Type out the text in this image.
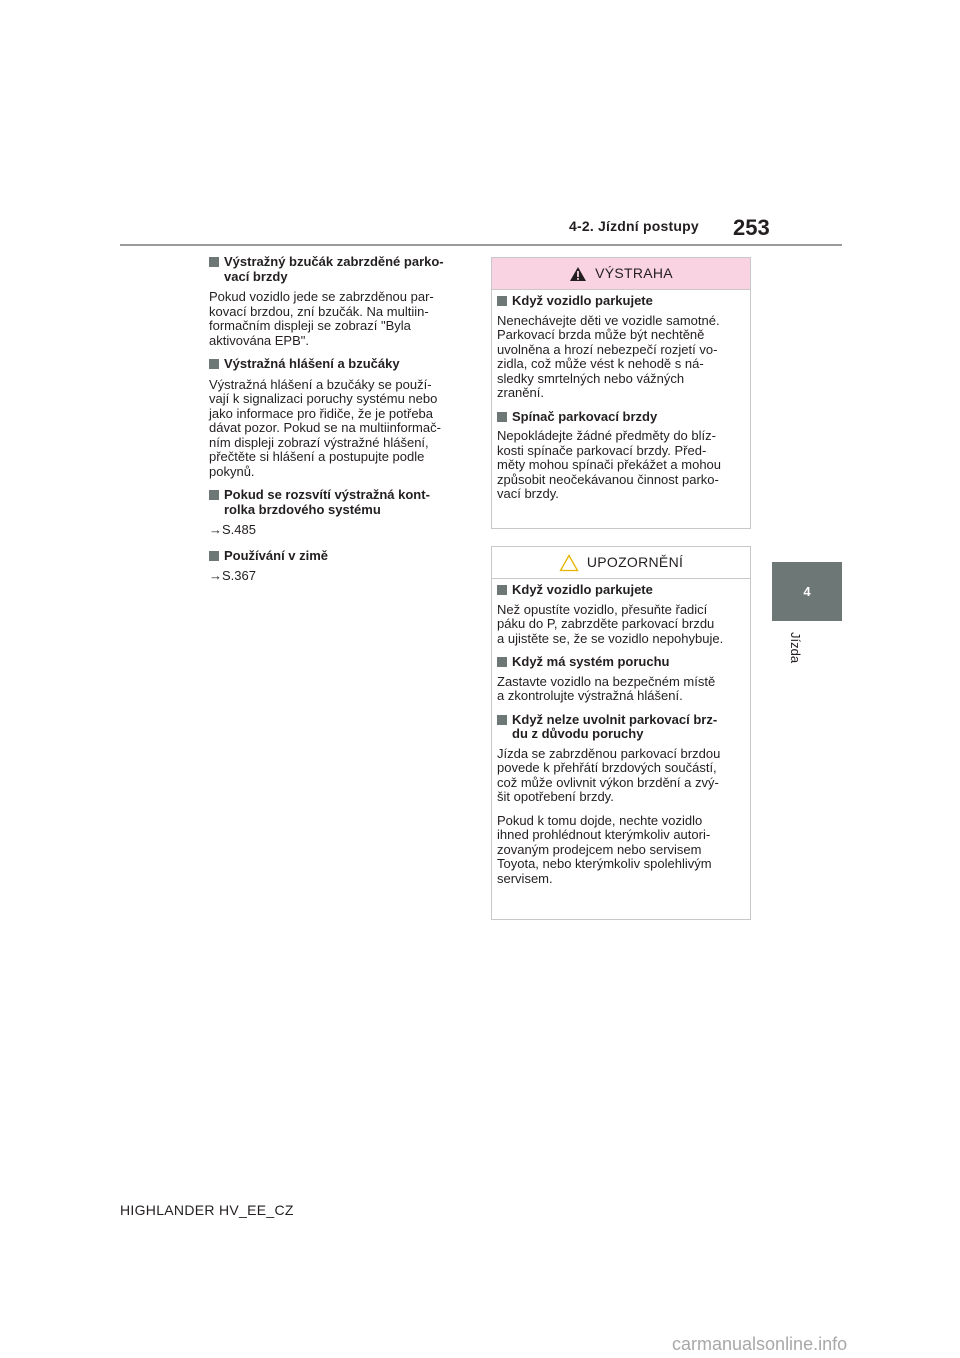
4-2. Jízdní postupy 253
4
Jízda
Výstražný bzučák zabrzděné parko-
vací brzdy

Pokud vozidlo jede se zabrzděnou par-
kovací brzdou, zní bzučák. Na multiin-
formačním displeji se zobrazí "Byla
aktivována EPB".

Výstražná hlášení a bzučáky

Výstražná hlášení a bzučáky se použí-
vají k signalizaci poruchy systému nebo
jako informace pro řidiče, že je potřeba
dávat pozor. Pokud se na multiinformač-
ním displeji zobrazí výstražné hlášení,
přečtěte si hlášení a postupujte podle
pokynů.

Pokud se rozsvítí výstražná kont-
rolka brzdového systému

→S.485

Používání v zimě

→S.367

VÝSTRAHA
Když vozidlo parkujete

Nenechávejte děti ve vozidle samotné.
Parkovací brzda může být nechtěně
uvolněna a hrozí nebezpečí rozjetí vo-
zidla, což může vést k nehodě s ná-
sledky smrtelných nebo vážných
zranění.

Spínač parkovací brzdy

Nepokládejte žádné předměty do blíz-
kosti spínače parkovací brzdy. Před-
měty mohou spínači překážet a mohou
způsobit neočekávanou činnost parko-
vací brzdy.

UPOZORNĚNÍ
Když vozidlo parkujete

Než opustíte vozidlo, přesuňte řadicí
páku do P, zabrzděte parkovací brzdu
a ujistěte se, že se vozidlo nepohybuje.

Když má systém poruchu

Zastavte vozidlo na bezpečném místě
a zkontrolujte výstražná hlášení.

Když nelze uvolnit parkovací brz-
du z důvodu poruchy

Jízda se zabrzděnou parkovací brzdou
povede k přehřátí brzdových součástí,
což může ovlivnit výkon brzdění a zvý-
šit opotřebení brzdy.

Pokud k tomu dojde, nechte vozidlo
ihned prohlédnout kterýmkoliv autori-
zovaným prodejcem nebo servisem
Toyota, nebo kterýmkoliv spolehlivým
servisem.

HIGHLANDER HV_EE_CZ
carmanualsonline.info
